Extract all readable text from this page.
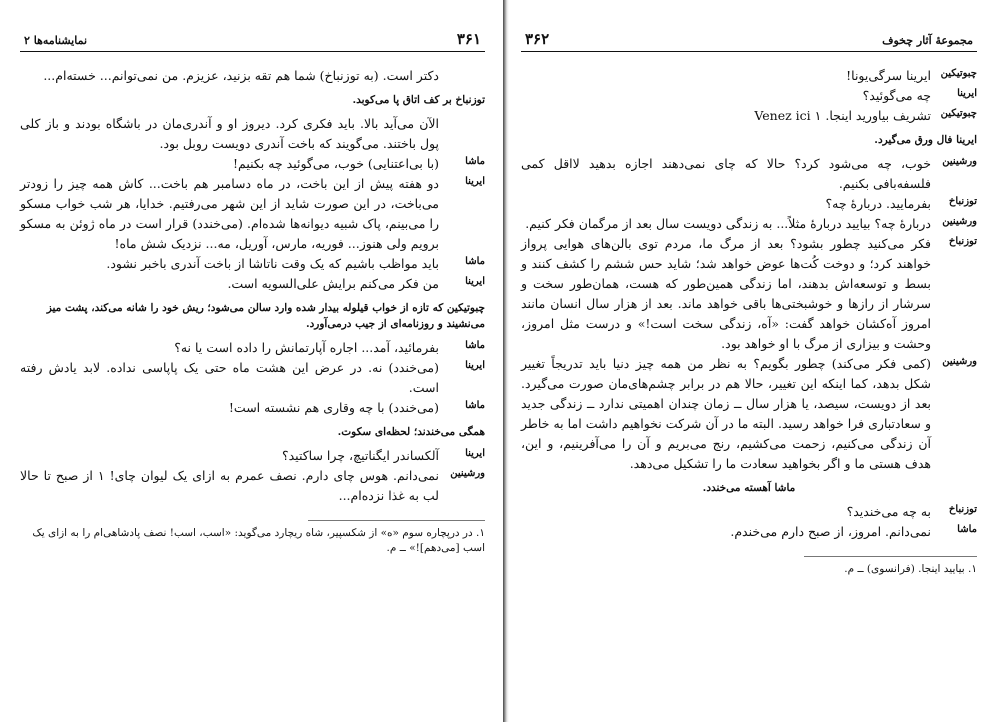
نمایشنامه‌ها ۲	۳۶۱
دکتر است. (به توزنباخ) شما هم تقه بزنید، عزیزم. من نمی‌توانم... خسته‌ام...
توزنباخ بر کف اتاق پا می‌کوبد.
الآن می‌آید بالا. باید فکری کرد. دیروز او و آندری‌مان در باشگاه بودند و باز کلی پول باختند. می‌گویند که باخت آندری دویست روبل بود.
ماشا
(با بی‌اعتنایی) خوب، می‌گوئید چه بکنیم!
ایرینا
دو هفته پیش از این باخت، در ماه دسامبر هم باخت... کاش همه چیز را زودتر می‌باخت، در این صورت شاید از این شهر می‌رفتیم. خدایا، هر شب خواب مسکو را می‌بینم، پاک شبیه دیوانه‌ها شده‌ام. (می‌خندد) قرار است در ماه ژوئن به مسکو برویم ولی هنوز... فوریه، مارس، آوریل، مه... نزدیک شش ماه!
ماشا
باید مواظب باشیم که یک وقت ناتاشا از باخت آندری باخبر نشود.
ایرینا
من فکر می‌کنم برایش علی‌السویه است.
چبوتیکین که تازه از خواب قیلوله بیدار شده وارد سالن می‌شود؛ ریش خود را شانه می‌کند، پشت میز می‌نشیند و روزنامه‌ای از جیب درمی‌آورد.
ماشا
بفرمائید، آمد... اجاره آپارتمانش را داده است یا نه؟
ایرینا
(می‌خندد) نه. در عرض این هشت ماه حتی یک پاپاسی نداده. لابد یادش رفته است.
ماشا
(می‌خندد) با چه وقاری هم نشسته است!
همگی می‌خندند؛ لحظه‌ای سکوت.
ایرینا
آلکساندر ایگناتیچ، چرا ساکتید؟
ورشینین
نمی‌دانم. هوس چای دارم. نصف عمرم به ازای یک لیوان چای! ۱ از صبح تا حالا لب به غذا نزده‌ام...
۱. در درپچاره سوم «ه» از شکسپیر، شاه ریچارد می‌گوید: «اسب، اسب! نصف پادشاهی‌ام را به ازای یک اسب [می‌دهم]!» ــ م.
۳۶۲	مجموعهٔ آثار چخوف
چبوتیکین
ایرینا سرگی‌یونا!
ایرینا
چه می‌گوئید؟
چبوتیکین
تشریف بیاورید اینجا. ۱ Venez ici
ایرینا فال ورق می‌گیرد.
ورشینین
خوب، چه می‌شود کرد؟ حالا که چای نمی‌دهند اجازه بدهید لااقل کمی فلسفه‌بافی بکنیم.
توزنباخ
بفرمایید. دربارهٔ چه؟
ورشینین
دربارهٔ چه؟ بیایید دربارهٔ مثلاً... به زندگی دویست سال بعد از مرگمان فکر کنیم.
توزنباخ
فکر می‌کنید چطور بشود؟ بعد از مرگ ما، مردم توی بالن‌های هوایی پرواز خواهند کرد؛ و دوخت کُت‌ها عوض خواهد شد؛ شاید حس ششم را کشف کنند و بسط و توسعه‌اش بدهند، اما زندگی همین‌طور که هست، همان‌طور سخت و سرشار از رازها و خوشبختی‌ها باقی خواهد ماند. بعد از هزار سال انسان مانند امروز آه‌کشان خواهد گفت: «آه، زندگی سخت است!» و درست مثل امروز، وحشت و بیزاری از مرگ با او خواهد بود.
ورشینین
(کمی فکر می‌کند) چطور بگویم؟ به نظر من همه چیز دنیا باید تدریجاً تغییر شکل بدهد، کما اینکه این تغییر، حالا هم در برابر چشم‌های‌مان صورت می‌گیرد. بعد از دویست، سیصد، یا هزار سال ــ زمان چندان اهمیتی ندارد ــ زندگی جدید و سعادتباری فرا خواهد رسید. البته ما در آن شرکت نخواهیم داشت اما به خاطر آن زندگی می‌کنیم، زحمت می‌کشیم، رنج می‌بریم و آن را می‌آفرینیم، و این، هدف هستی ما و اگر بخواهید سعادت ما را تشکیل می‌دهد.
ماشا آهسته می‌خندد.
توزنباخ
به چه می‌خندید؟
ماشا
نمی‌دانم. امروز، از صبح دارم می‌خندم.
۱. بیایید اینجا. (فرانسوی) ــ م.
